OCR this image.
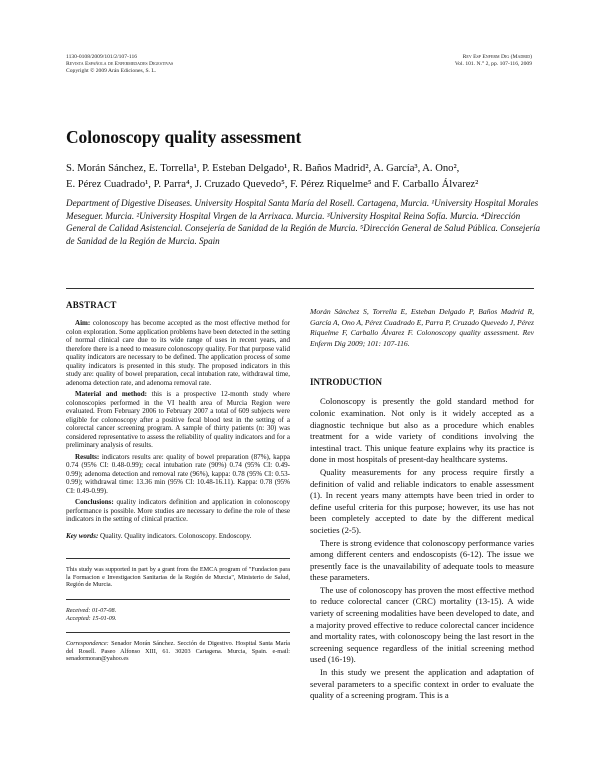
1130-0108/2009/101/2/107-116
Revista Española de Enfermedades Digestivas
Copyright © 2009 Arán Ediciones, S. L.
Rev Esp Enferm Dig (Madrid)
Vol. 101. N.° 2, pp. 107-116, 2009
Colonoscopy quality assessment
S. Morán Sánchez, E. Torrella¹, P. Esteban Delgado¹, R. Baños Madrid², A. García³, A. Ono²,
E. Pérez Cuadrado¹, P. Parra⁴, J. Cruzado Quevedo⁵, F. Pérez Riquelme⁵ and F. Carballo Álvarez²
Department of Digestive Diseases. University Hospital Santa María del Rosell. Cartagena, Murcia. ¹University Hospital Morales Meseguer. Murcia. ²University Hospital Virgen de la Arrixaca. Murcia. ³University Hospital Reina Sofía. Murcia. ⁴Dirección General de Calidad Asistencial. Consejería de Sanidad de la Región de Murcia. ⁵Dirección General de Salud Pública. Consejería de Sanidad de la Región de Murcia. Spain
ABSTRACT

Aim: colonoscopy has become accepted as the most effective method for colon exploration. Some application problems have been detected in the setting of normal clinical care due to its wide range of uses in recent years, and therefore there is a need to measure colonoscopy quality. For that purpose valid quality indicators are necessary to be defined. The application process of some quality indicators is presented in this study. The proposed indicators in this study are: quality of bowel preparation, cecal intubation rate, withdrawal time, adenoma detection rate, and adenoma removal rate.

Material and method: this is a prospective 12-month study where colonoscopies performed in the VI health area of Murcia Region were evaluated. From February 2006 to February 2007 a total of 609 subjects were eligible for colonoscopy after a positive fecal blood test in the setting of a colorectal cancer screening program. A sample of thirty patients (n: 30) was considered representative to assess the reliability of quality indicators and for a preliminary analysis of results.

Results: indicators results are: quality of bowel preparation (87%), kappa 0.74 (95% CI: 0.48-0.99); cecal intubation rate (90%) 0.74 (95% CI: 0.49-0.99); adenoma detection and removal rate (96%), kappa: 0.78 (95% CI: 0.53-0.99); withdrawal time: 13.36 min (95% CI: 10.48-16.11). Kappa: 0.78 (95% CI: 0.49-0.99).

Conclusions: quality indicators definition and application in colonoscopy performance is possible. More studies are necessary to define the role of these indicators in the setting of clinical practice.

Key words: Quality. Quality indicators. Colonoscopy. Endoscopy.
This study was supported in part by a grant from the EMCA program of "Fundacion para la Formacion e Investigacion Sanitarias de la Región de Murcia", Ministerio de Salud, Región de Murcia.

Received: 01-07-08.

Accepted: 15-01-09.

Correspondence: Senador Morán Sánchez. Sección de Digestivo. Hospital Santa María del Rosell. Paseo Alfonso XIII, 61. 30203 Cartagena. Murcia, Spain. e-mail: senadormoran@yahoo.es
Morán Sánchez S, Torrella E, Esteban Delgado P, Baños Madrid R, García A, Ono A, Pérez Cuadrado E, Parra P, Cruzado Quevedo J, Pérez Riquelme F, Carballo Álvarez F. Colonoscopy quality assessment. Rev Enferm Dig 2009; 101: 107-116.
INTRODUCTION

Colonoscopy is presently the gold standard method for colonic examination. Not only is it widely accepted as a diagnostic technique but also as a procedure which enables treatment for a wide variety of conditions involving the intestinal tract. This unique feature explains why its practice is done in most hospitals of present-day healthcare systems.

Quality measurements for any process require firstly a definition of valid and reliable indicators to enable assessment (1). In recent years many attempts have been tried in order to define useful criteria for this purpose; however, its use has not been completely accepted to date by the different medical societies (2-5).

There is strong evidence that colonoscopy performance varies among different centers and endoscopists (6-12). The issue we presently face is the unavailability of adequate tools to measure these parameters.

The use of colonoscopy has proven the most effective method to reduce colorectal cancer (CRC) mortality (13-15). A wide variety of screening modalities have been developed to date, and a majority proved effective to reduce colorectal cancer incidence and mortality rates, with colonoscopy being the last resort in the screening sequence regardless of the initial screening method used (16-19).

In this study we present the application and adaptation of several parameters to a specific context in order to evaluate the quality of a screening program. This is a
